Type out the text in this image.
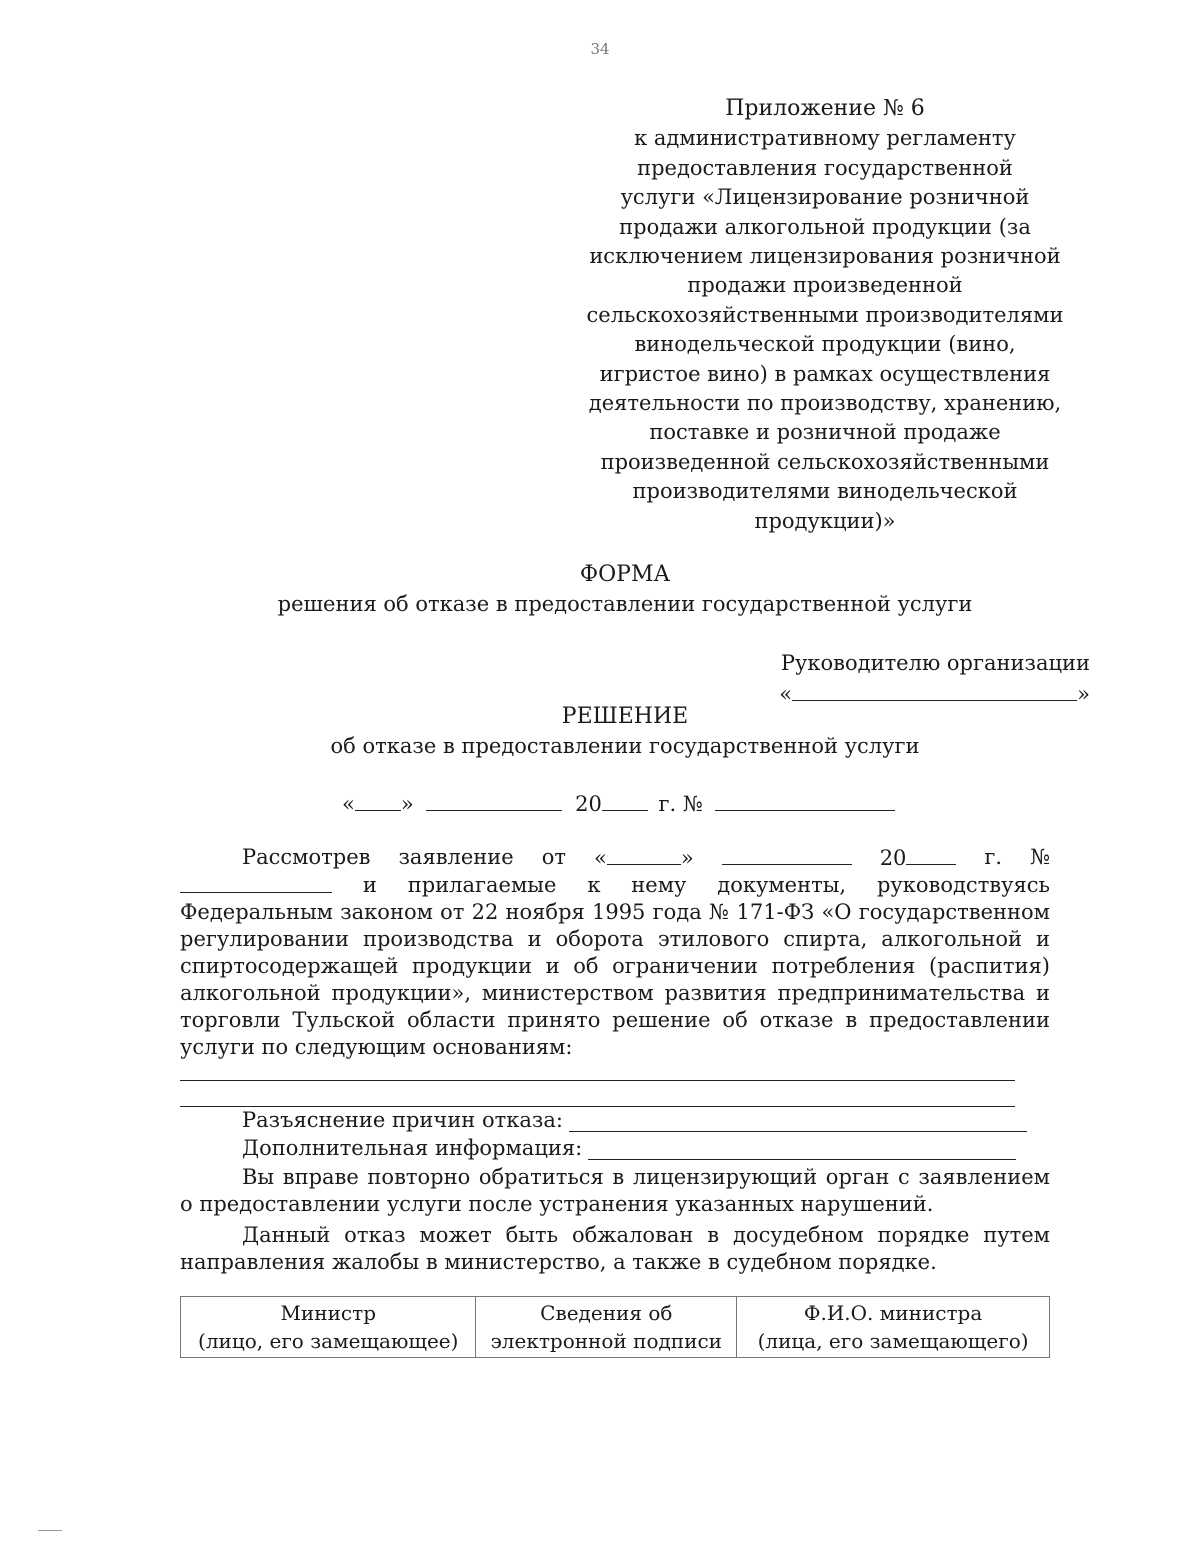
34
Приложение № 6
к административному регламенту
предоставления государственной
услуги «Лицензирование розничной
продажи алкогольной продукции (за
исключением лицензирования розничной
продажи произведенной
сельскохозяйственными производителями
винодельческой продукции (вино,
игристое вино) в рамках осуществления
деятельности по производству, хранению,
поставке и розничной продаже
произведенной сельскохозяйственными
производителями винодельческой
продукции)»
ФОРМА
решения об отказе в предоставлении государственной услуги
Руководителю организации
«	»
РЕШЕНИЕ
об отказе в предоставлении государственной услуги
« »	20	г. №
Рассмотрев заявление от «	»	20	г. №
и прилагаемые к нему документы, руководствуясь
Федеральным законом от 22 ноября 1995 года № 171-ФЗ «О государственном регулировании производства и оборота этилового спирта, алкогольной и спиртосодержащей продукции и об ограничении потребления (распития) алкогольной продукции», министерством развития предпринимательства и торговли Тульской области принято решение об отказе в предоставлении услуги по следующим основаниям:
Разъяснение причин отказа:
Дополнительная информация:

Вы вправе повторно обратиться в лицензирующий орган с заявлением о предоставлении услуги после устранения указанных нарушений.

Данный отказ может быть обжалован в досудебном порядке путем направления жалобы в министерство, а также в судебном порядке.

Министр
(лицо, его замещающее)

Сведения об
электронной подписи

Ф.И.О. министра
(лица, его замещающего)
